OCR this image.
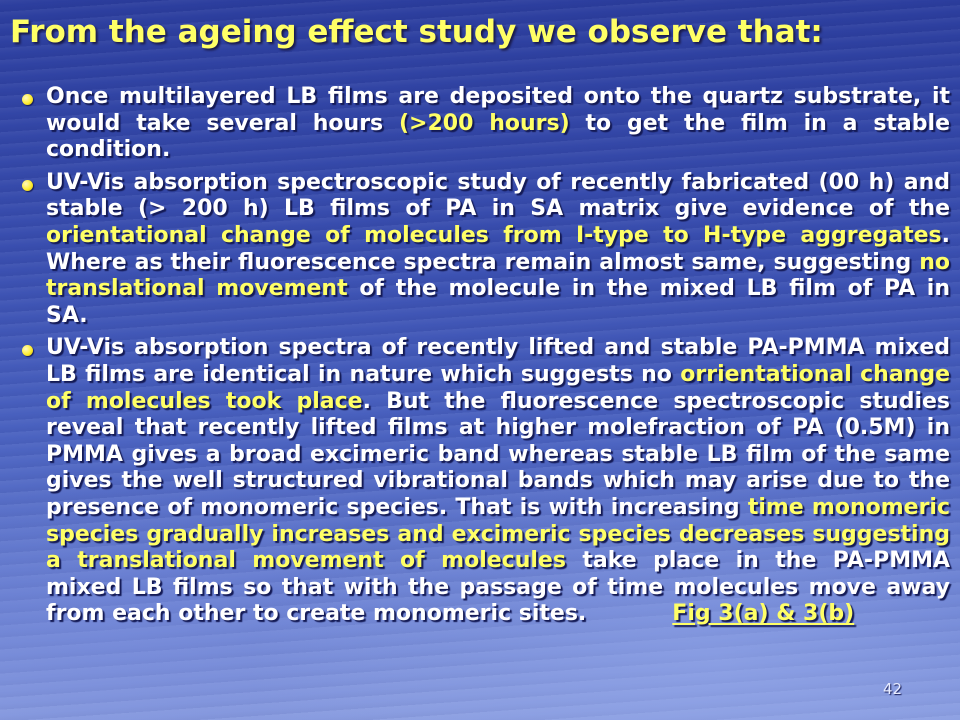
From the ageing effect study we observe that:
Once multilayered LB films are deposited onto the quartz substrate, it would take several hours (>200 hours) to get the film in a stable condition.
UV-Vis absorption spectroscopic study of recently fabricated (00 h) and stable (> 200 h) LB films of PA in SA matrix give evidence of the orientational change of molecules from I-type to H-type aggregates. Where as their fluorescence spectra remain almost same, suggesting no translational movement of the molecule in the mixed LB film of PA in SA.
UV-Vis absorption spectra of recently lifted and stable PA-PMMA mixed LB films are identical in nature which suggests no orrientational change of molecules took place. But the fluorescence spectroscopic studies reveal that recently lifted films at higher molefraction of PA (0.5M) in PMMA gives a broad excimeric band whereas stable LB film of the same gives the well structured vibrational bands which may arise due to the presence of monomeric species. That is with increasing time monomeric species gradually increases and excimeric species decreases suggesting a translational movement of molecules take place in the PA-PMMA mixed LB films so that with the passage of time molecules move away from each other to create monomeric sites.	Fig 3(a) & 3(b)
42
